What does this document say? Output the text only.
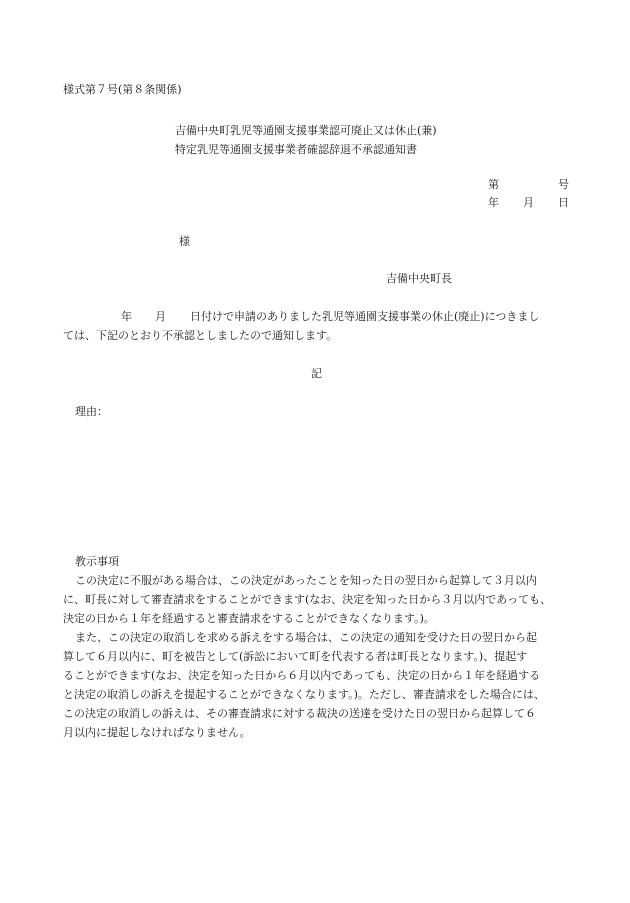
様式第７号(第８条関係)
吉備中央町乳児等通園支援事業認可廃止又は休止(兼)
特定乳児等通園支援事業者確認辞退不承認通知書
第	号
年 月 日
様
吉備中央町長
年 月 日付けで申請のありました乳児等通園支援事業の休止(廃止)につきまし
ては、下記のとおり不承認としましたので通知します。
記
理由：
教示事項
この決定に不服がある場合は、この決定があったことを知った日の翌日から起算して３月以内
に、町長に対して審査請求をすることができます(なお、決定を知った日から３月以内であっても、
決定の日から１年を経過すると審査請求をすることができなくなります。)。
また、この決定の取消しを求める訴えをする場合は、この決定の通知を受けた日の翌日から起
算して６月以内に、町を被告として(訴訟において町を代表する者は町長となります。)、提起す
ることができます(なお、決定を知った日から６月以内であっても、決定の日から１年を経過する
と決定の取消しの訴えを提起することができなくなります。)。ただし、審査請求をした場合には、
この決定の取消しの訴えは、その審査請求に対する裁決の送達を受けた日の翌日から起算して６
月以内に提起しなければなりません。
